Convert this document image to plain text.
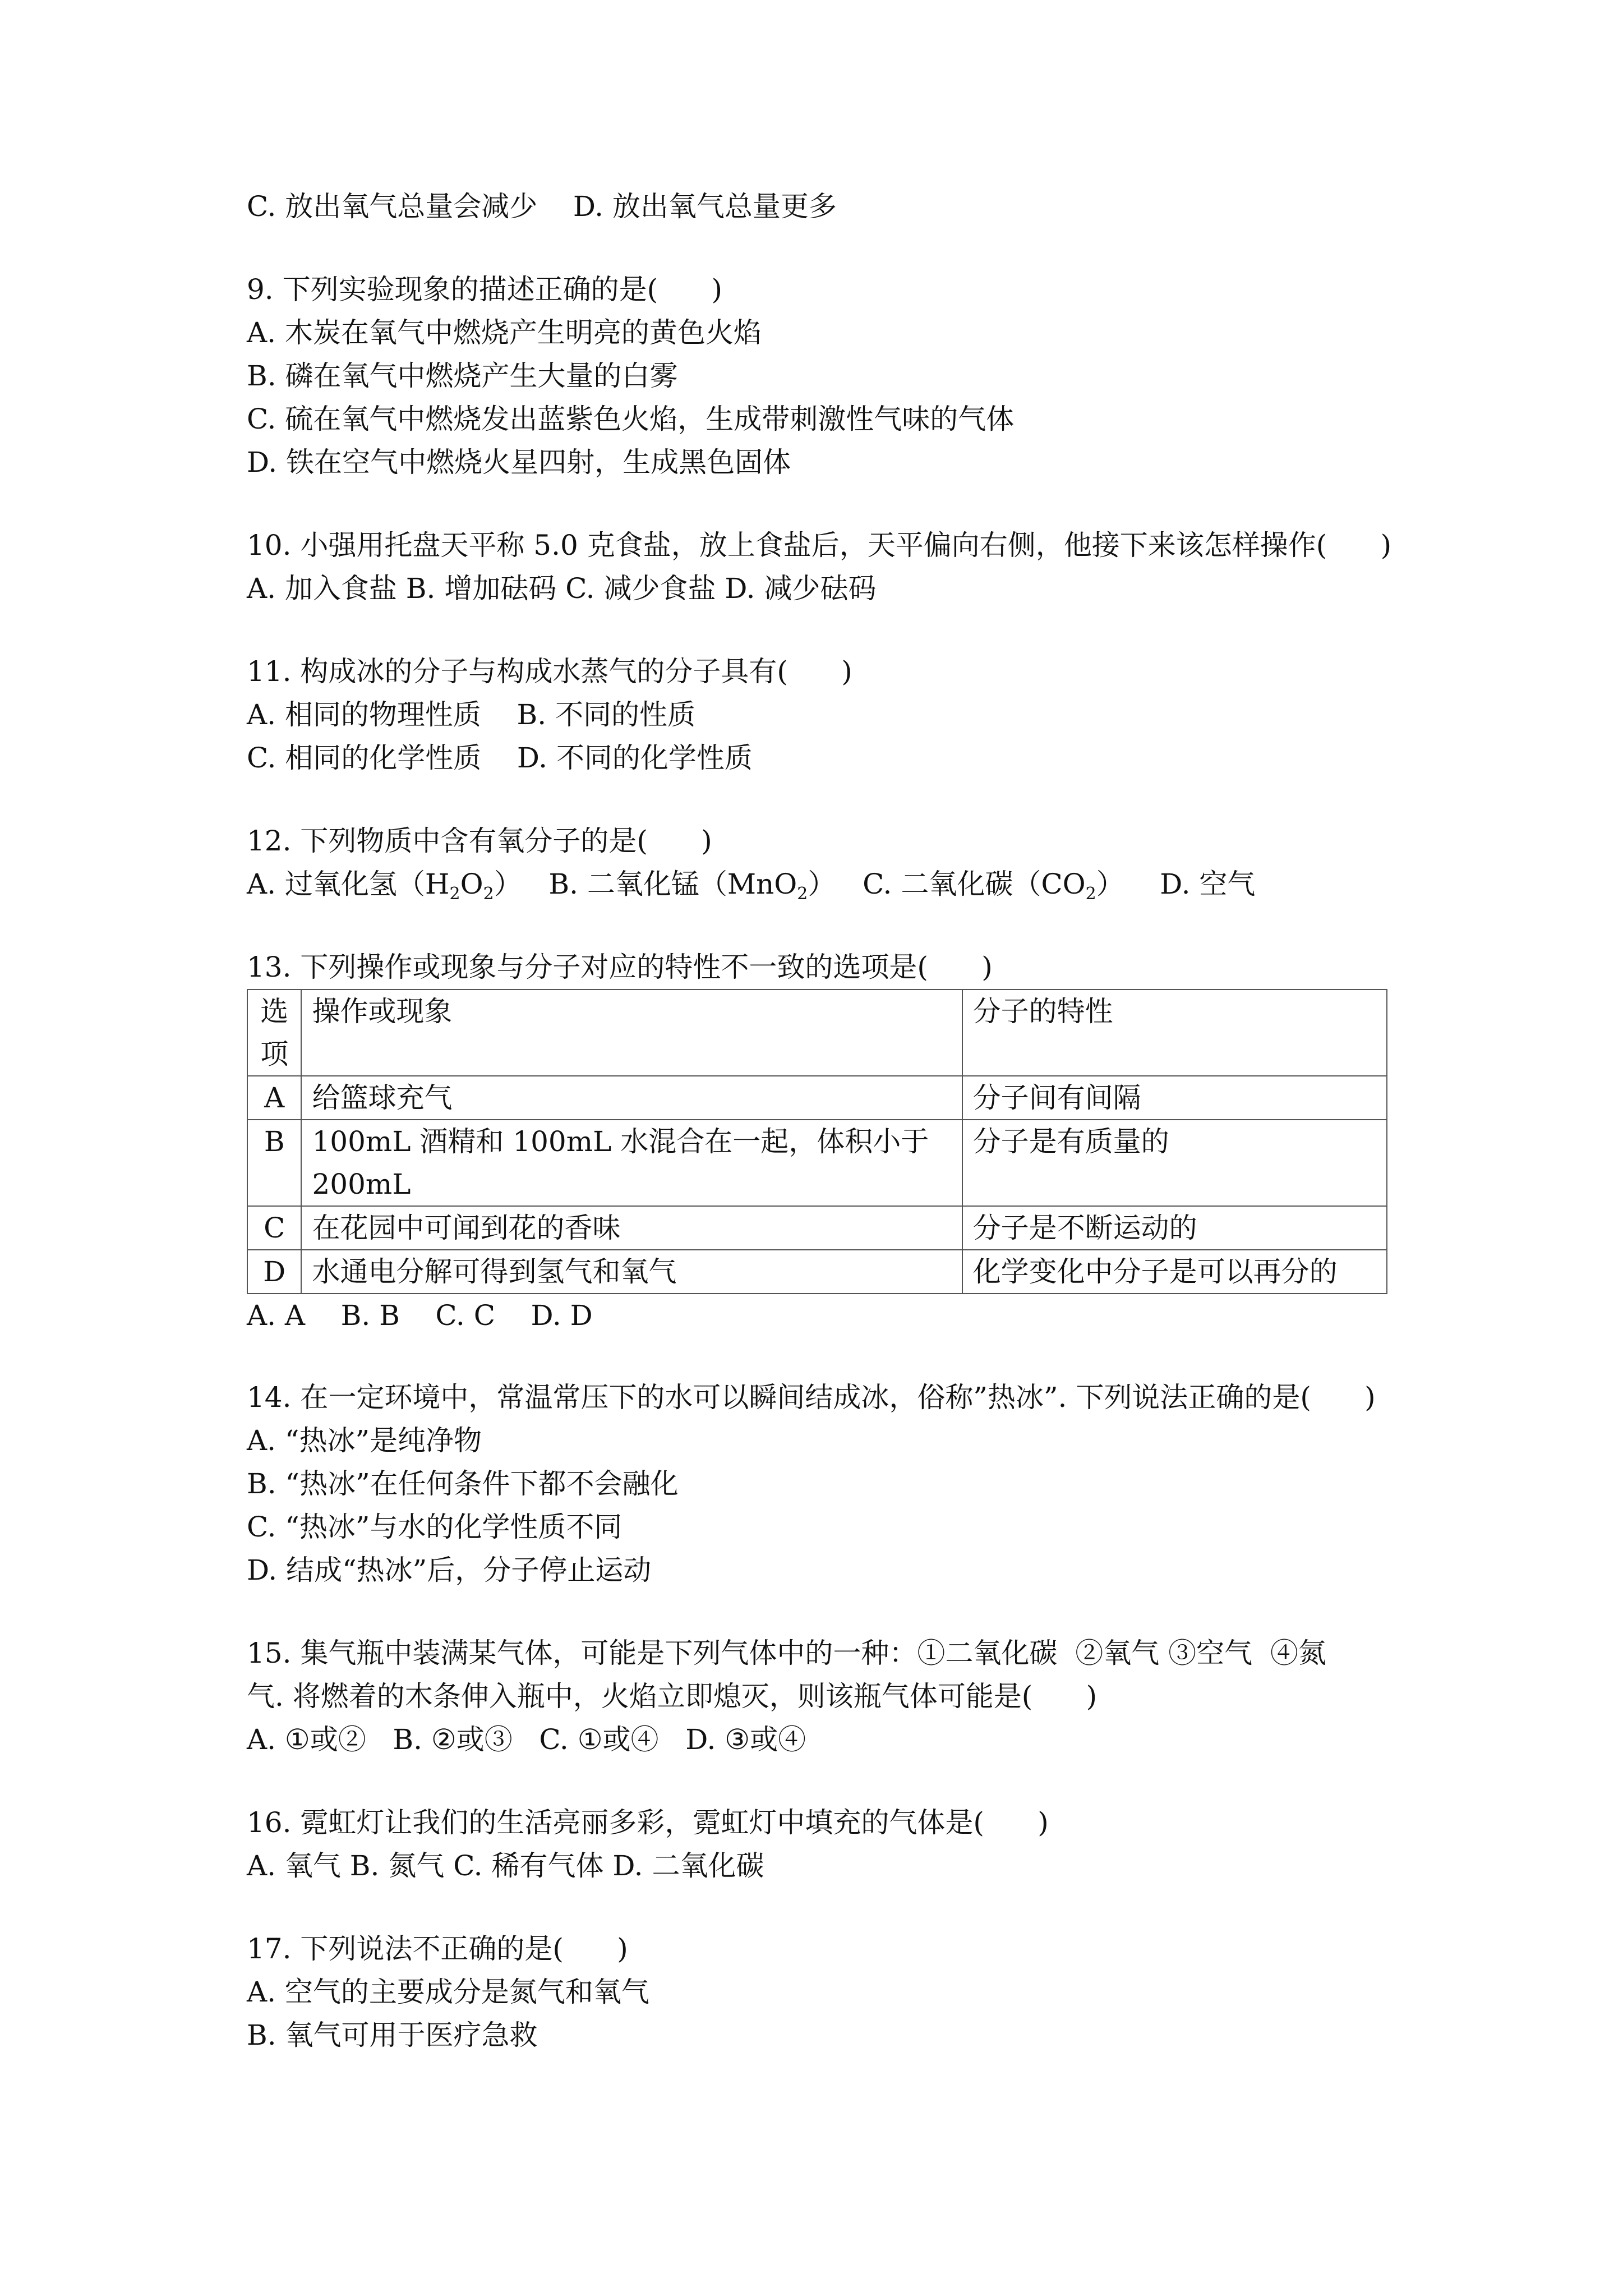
C. 放出氧气总量会减少    D. 放出氧气总量更多
9. 下列实验现象的描述正确的是(      )
A. 木炭在氧气中燃烧产生明亮的黄色火焰
B. 磷在氧气中燃烧产生大量的白雾
C. 硫在氧气中燃烧发出蓝紫色火焰，生成带刺激性气味的气体
D. 铁在空气中燃烧火星四射，生成黑色固体
10. 小强用托盘天平称 5.0 克食盐，放上食盐后，天平偏向右侧，他接下来该怎样操作(      )
A. 加入食盐 B. 增加砝码 C. 减少食盐 D. 减少砝码
11. 构成冰的分子与构成水蒸气的分子具有(      )
A. 相同的物理性质    B. 不同的性质
C. 相同的化学性质    D. 不同的化学性质
12. 下列物质中含有氧分子的是(      )
A. 过氧化氢$(H_2O_2)$   B. 二氧化锰（MnO$_2$）   C. 二氧化碳$(CO_2)$    D. 空气
13. 下列操作或现象与分子对应的特性不一致的选项是(      )
选项	操作或现象	分子的特性
A	给篮球充气	分子间有间隔
B	100mL 酒精和 100mL 水混合在一起，体积小于 200mL	分子是有质量的
C	在花园中可闻到花的香味	分子是不断运动的
D	水通电分解可得到氢气和氧气	化学变化中分子是可以再分的
A. A    B. B    C. C    D. D
14. 在一定环境中，常温常压下的水可以瞬间结成冰，俗称”热冰”. 下列说法正确的是(      )
A. “热冰”是纯净物
B. “热冰”在任何条件下都不会融化
C. “热冰”与水的化学性质不同
D. 结成“热冰”后，分子停止运动
15. 集气瓶中装满某气体，可能是下列气体中的一种：①二氧化碳  ②氧气 ③空气  ④氮
气. 将燃着的木条伸入瓶中，火焰立即熄灭，则该瓶气体可能是(      )
A. ①或②   B. ②或③   C. ①或④   D. ③或④
16. 霓虹灯让我们的生活亮丽多彩，霓虹灯中填充的气体是(      )
A. 氧气 B. 氮气 C. 稀有气体 D. 二氧化碳
17. 下列说法不正确的是(      )
A. 空气的主要成分是氮气和氧气
B. 氧气可用于医疗急救
